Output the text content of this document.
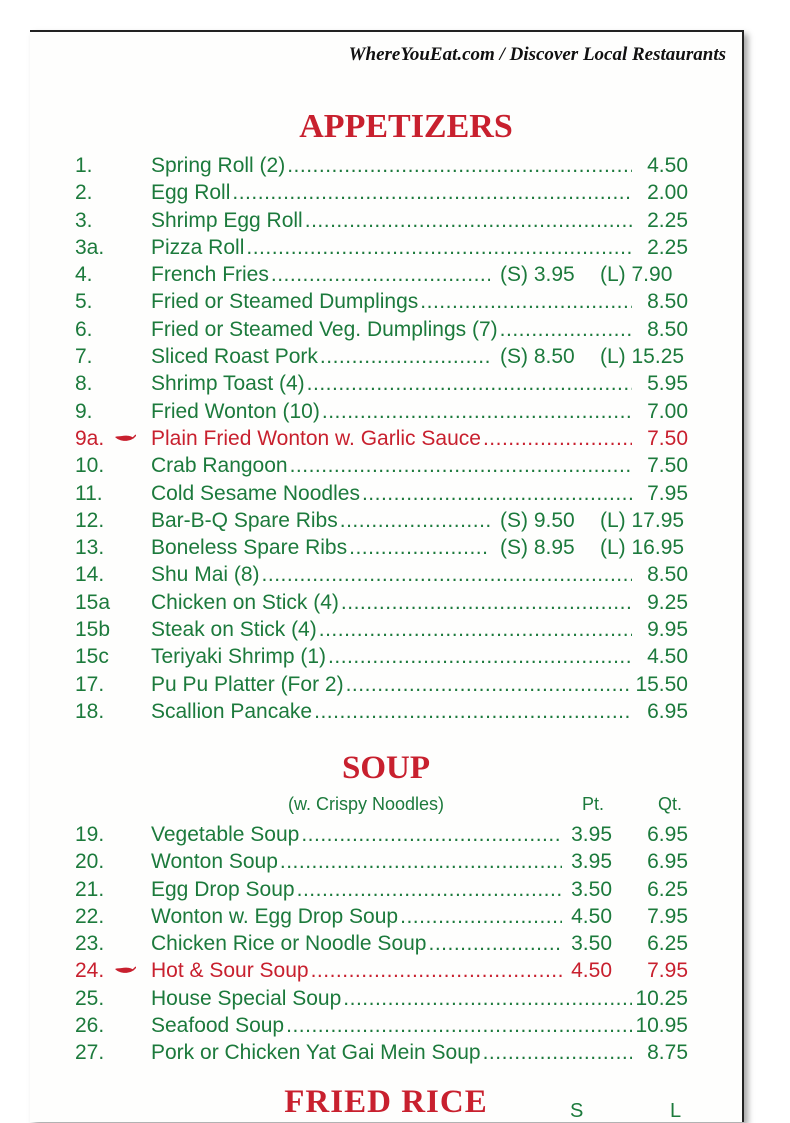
WhereYouEat.com / Discover Local Restaurants
APPETIZERS
1.	Spring Roll (2) .....	4.50
2.	Egg Roll .....	2.00
3.	Shrimp Egg Roll .....	2.25
3a.	Pizza Roll .....	2.25
4.	French Fries .....	(S) 3.95 (L) 7.90
5.	Fried or Steamed Dumplings .....	8.50
6.	Fried or Steamed Veg. Dumplings (7) .....	8.50
7.	Sliced Roast Pork .....	(S) 8.50 (L) 15.25
8.	Shrimp Toast (4) .....	5.95
9.	Fried Wonton (10) .....	7.00
9a.	Plain Fried Wonton w. Garlic Sauce .....	7.50
10.	Crab Rangoon .....	7.50
11.	Cold Sesame Noodles .....	7.95
12.	Bar-B-Q Spare Ribs .....	(S) 9.50 (L) 17.95
13.	Boneless Spare Ribs .....	(S) 8.95 (L) 16.95
14.	Shu Mai (8) .....	8.50
15a	Chicken on Stick (4) .....	9.25
15b	Steak on Stick (4) .....	9.95
15c	Teriyaki Shrimp (1) .....	4.50
17.	Pu Pu Platter (For 2) .....	15.50
18.	Scallion Pancake .....	6.95
SOUP
(w. Crispy Noodles)	Pt.	Qt.
19.	Vegetable Soup .....	3.95 6.95
20.	Wonton Soup .....	3.95 6.95
21.	Egg Drop Soup .....	3.50 6.25
22.	Wonton w. Egg Drop Soup .....	4.50 7.95
23.	Chicken Rice or Noodle Soup .....	3.50 6.25
24.	Hot & Sour Soup .....	4.50 7.95
25.	House Special Soup .....	10.25
26.	Seafood Soup .....	10.95
27.	Pork or Chicken Yat Gai Mein Soup .....	8.75
FRIED RICE	S	L
